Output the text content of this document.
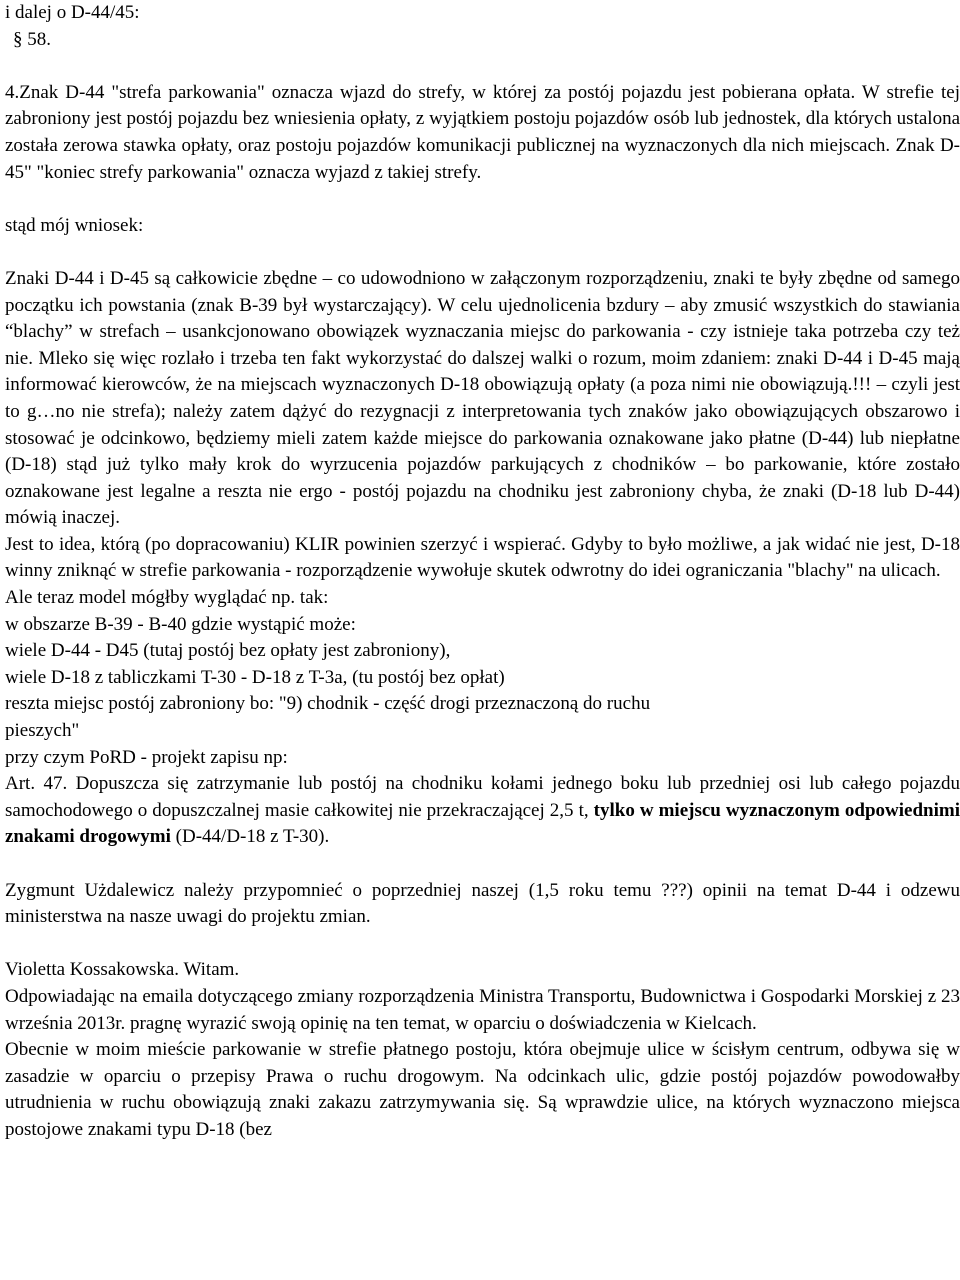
i dalej o D-44/45:

§ 58.

4.Znak D-44 "strefa parkowania" oznacza wjazd do strefy, w której za postój pojazdu jest pobierana opłata. W strefie tej zabroniony jest postój pojazdu bez wniesienia opłaty, z wyjątkiem postoju pojazdów osób lub jednostek, dla których ustalona została zerowa stawka opłaty, oraz postoju pojazdów komunikacji publicznej na wyznaczonych dla nich miejscach. Znak D-45" "koniec strefy parkowania" oznacza wyjazd z takiej strefy.

stąd mój wniosek:

Znaki D-44 i D-45 są całkowicie zbędne – co udowodniono w załączonym rozporządzeniu, znaki te były zbędne od samego początku ich powstania (znak B-39 był wystarczający). W celu ujednolicenia bzdury – aby zmusić wszystkich do stawiania “blachy” w strefach – usankcjonowano obowiązek wyznaczania miejsc do parkowania - czy istnieje taka potrzeba czy też nie. Mleko się więc rozlało i trzeba ten fakt wykorzystać do dalszej walki o rozum, moim zdaniem: znaki D-44 i D-45 mają informować kierowców, że na miejscach wyznaczonych D-18 obowiązują opłaty (a poza nimi nie obowiązują.!!! – czyli jest to g…no nie strefa); należy zatem dążyć do rezygnacji z interpretowania tych znaków jako obowiązujących obszarowo i stosować je odcinkowo, będziemy mieli zatem każde miejsce do parkowania oznakowane jako płatne (D-44) lub niepłatne (D-18) stąd już tylko mały krok do wyrzucenia pojazdów parkujących z chodników – bo parkowanie, które zostało oznakowane jest legalne a reszta nie ergo - postój pojazdu na chodniku jest zabroniony chyba, że znaki (D-18 lub D-44) mówią inaczej.

Jest to idea, którą (po dopracowaniu) KLIR powinien szerzyć i wspierać. Gdyby to było możliwe, a jak widać nie jest, D-18 winny zniknąć w strefie parkowania - rozporządzenie wywołuje skutek odwrotny do idei ograniczania "blachy" na ulicach.

Ale teraz model mógłby wyglądać np. tak:

w obszarze B-39 - B-40 gdzie wystąpić może:

wiele D-44 - D45 (tutaj postój bez opłaty jest zabroniony),

wiele D-18 z tabliczkami T-30 - D-18 z T-3a, (tu postój bez opłat)

reszta miejsc postój zabroniony bo: "9) chodnik - część drogi przeznaczoną do ruchu

pieszych"

przy czym PoRD - projekt zapisu np:

Art. 47. Dopuszcza się zatrzymanie lub postój na chodniku kołami jednego boku lub przedniej osi lub całego pojazdu samochodowego o dopuszczalnej masie całkowitej nie przekraczającej 2,5 t, tylko w miejscu wyznaczonym odpowiednimi znakami drogowymi (D-44/D-18 z T-30).

Zygmunt Użdalewicz należy przypomnieć o poprzedniej naszej (1,5 roku temu ???) opinii na temat D-44 i odzewu ministerstwa na nasze uwagi do projektu zmian.

Violetta Kossakowska. Witam.

Odpowiadając na emaila dotyczącego zmiany rozporządzenia Ministra Transportu, Budownictwa i Gospodarki Morskiej z 23 września 2013r. pragnę wyrazić swoją opinię na ten temat, w oparciu o doświadczenia w Kielcach.

Obecnie w moim mieście parkowanie w strefie płatnego postoju, która obejmuje ulice w ścisłym centrum, odbywa się w zasadzie w oparciu o przepisy Prawa o ruchu drogowym. Na odcinkach ulic, gdzie postój pojazdów powodowałby utrudnienia w ruchu obowiązują znaki zakazu zatrzymywania się. Są wprawdzie ulice, na których wyznaczono miejsca postojowe znakami typu D-18 (bez
